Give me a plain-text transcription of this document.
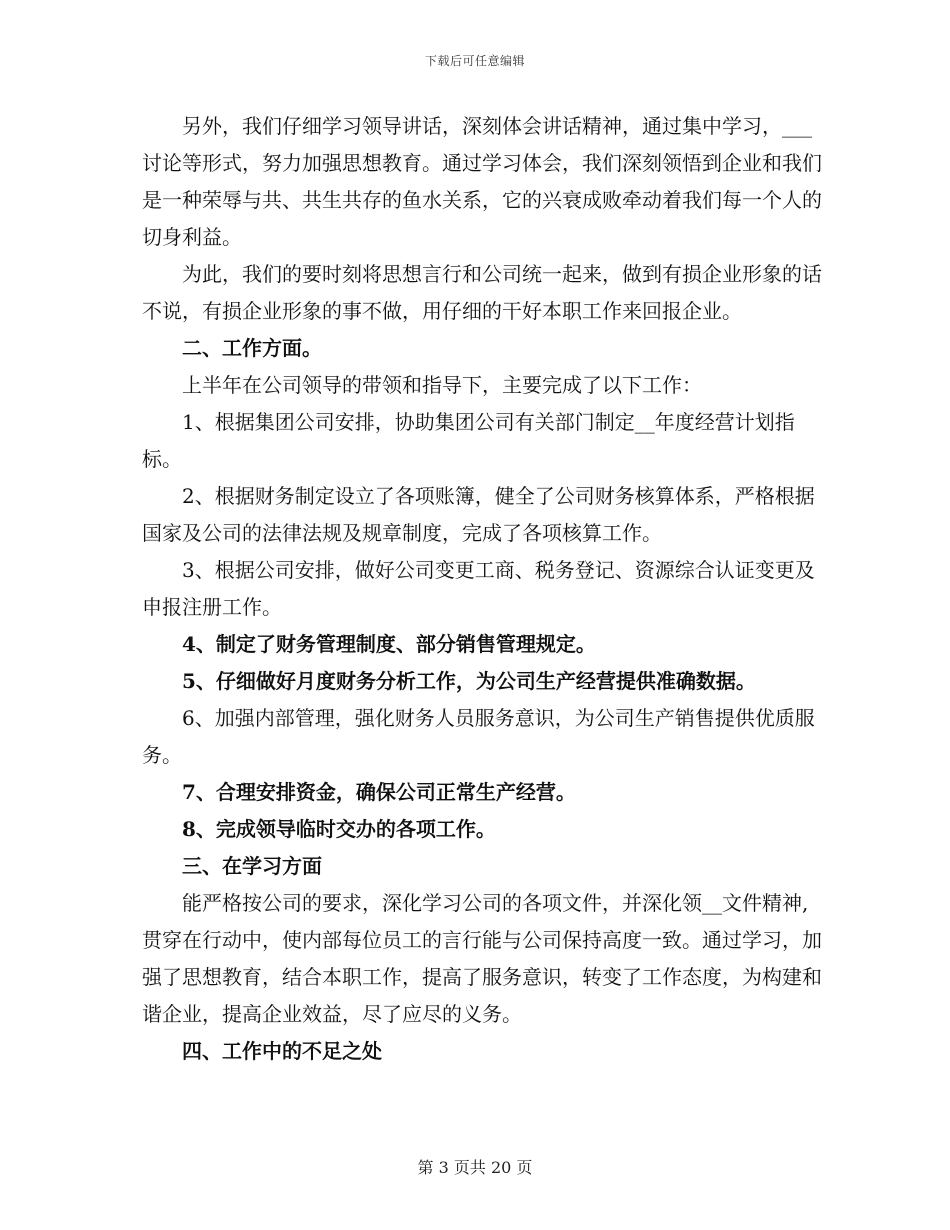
下载后可任意编辑

另外，我们仔细学习领导讲话，深刻体会讲话精神，通过集中学习，___讨论等形式，努力加强思想教育。通过学习体会，我们深刻领悟到企业和我们是一种荣辱与共、共生共存的鱼水关系，它的兴衰成败牵动着我们每一个人的切身利益。

为此，我们的要时刻将思想言行和公司统一起来，做到有损企业形象的话不说，有损企业形象的事不做，用仔细的干好本职工作来回报企业。

二、工作方面。

上半年在公司领导的带领和指导下，主要完成了以下工作：

1、根据集团公司安排，协助集团公司有关部门制定__年度经营计划指标。

2、根据财务制定设立了各项账簿，健全了公司财务核算体系，严格根据国家及公司的法律法规及规章制度，完成了各项核算工作。

3、根据公司安排，做好公司变更工商、税务登记、资源综合认证变更及申报注册工作。

4、制定了财务管理制度、部分销售管理规定。

5、仔细做好月度财务分析工作，为公司生产经营提供准确数据。

6、加强内部管理，强化财务人员服务意识，为公司生产销售提供优质服务。

7、合理安排资金，确保公司正常生产经营。

8、完成领导临时交办的各项工作。

三、在学习方面

能严格按公司的要求，深化学习公司的各项文件，并深化领__文件精神,贯穿在行动中，使内部每位员工的言行能与公司保持高度一致。通过学习，加强了思想教育，结合本职工作，提高了服务意识，转变了工作态度，为构建和谐企业，提高企业效益，尽了应尽的义务。

四、工作中的不足之处

第 3 页共 20 页
